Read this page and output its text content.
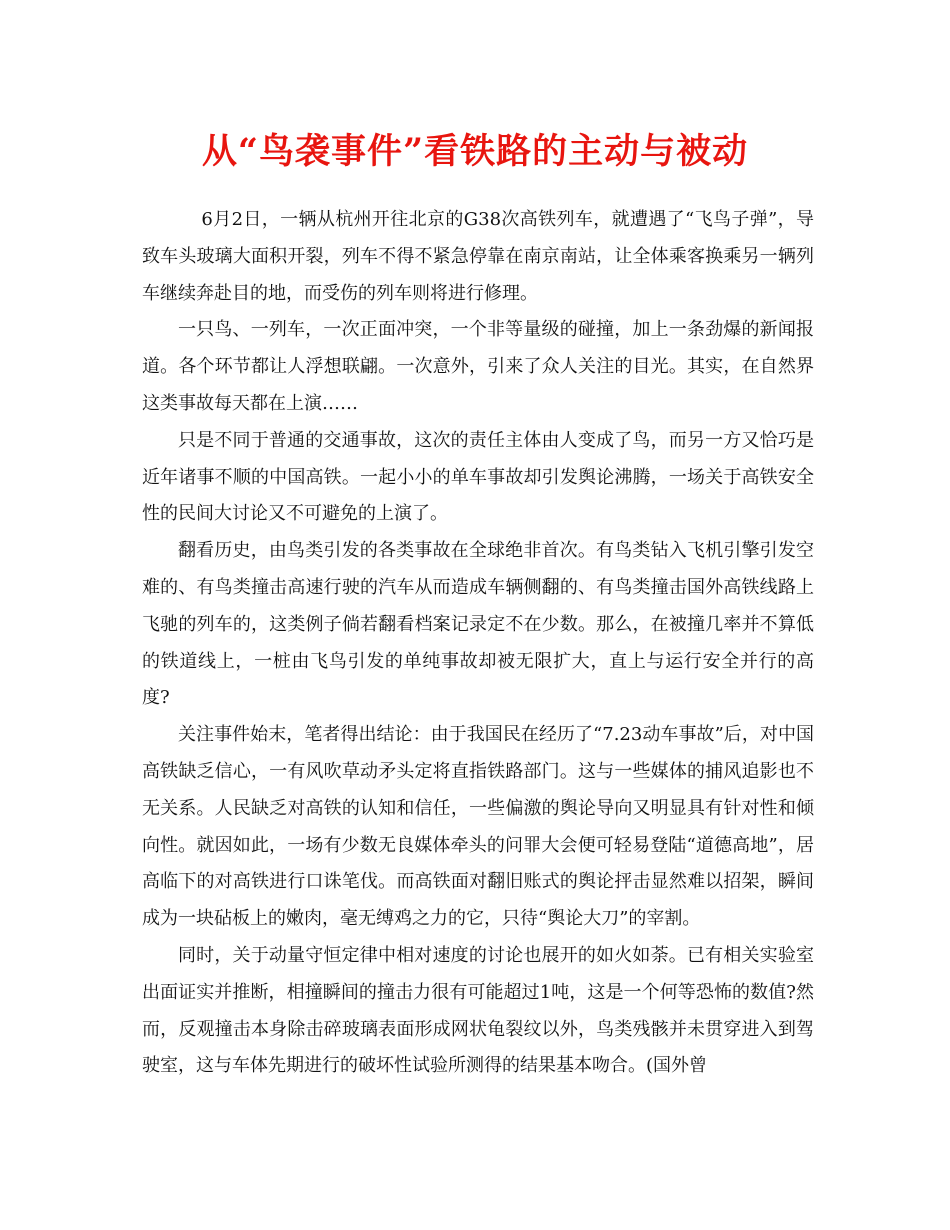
从“鸟袭事件”看铁路的主动与被动

6月2日，一辆从杭州开往北京的G38次高铁列车，就遭遇了“飞鸟子弹”，导致车头玻璃大面积开裂，列车不得不紧急停靠在南京南站，让全体乘客换乘另一辆列车继续奔赴目的地，而受伤的列车则将进行修理。

一只鸟、一列车，一次正面冲突，一个非等量级的碰撞，加上一条劲爆的新闻报道。各个环节都让人浮想联翩。一次意外，引来了众人关注的目光。其实，在自然界这类事故每天都在上演……

只是不同于普通的交通事故，这次的责任主体由人变成了鸟，而另一方又恰巧是近年诸事不顺的中国高铁。一起小小的单车事故却引发舆论沸腾，一场关于高铁安全性的民间大讨论又不可避免的上演了。

翻看历史，由鸟类引发的各类事故在全球绝非首次。有鸟类钻入飞机引擎引发空难的、有鸟类撞击高速行驶的汽车从而造成车辆侧翻的、有鸟类撞击国外高铁线路上飞驰的列车的，这类例子倘若翻看档案记录定不在少数。那么，在被撞几率并不算低的铁道线上，一桩由飞鸟引发的单纯事故却被无限扩大，直上与运行安全并行的高度?

关注事件始末，笔者得出结论：由于我国民在经历了“7.23动车事故”后，对中国高铁缺乏信心，一有风吹草动矛头定将直指铁路部门。这与一些媒体的捕风追影也不无关系。人民缺乏对高铁的认知和信任，一些偏激的舆论导向又明显具有针对性和倾向性。就因如此，一场有少数无良媒体牵头的问罪大会便可轻易登陆“道德高地”，居高临下的对高铁进行口诛笔伐。而高铁面对翻旧账式的舆论抨击显然难以招架，瞬间成为一块砧板上的嫩肉，毫无缚鸡之力的它，只待“舆论大刀”的宰割。

同时，关于动量守恒定律中相对速度的讨论也展开的如火如荼。已有相关实验室出面证实并推断，相撞瞬间的撞击力很有可能超过1吨，这是一个何等恐怖的数值?然而，反观撞击本身除击碎玻璃表面形成网状龟裂纹以外，鸟类残骸并未贯穿进入到驾驶室，这与车体先期进行的破坏性试验所测得的结果基本吻合。(国外曾
